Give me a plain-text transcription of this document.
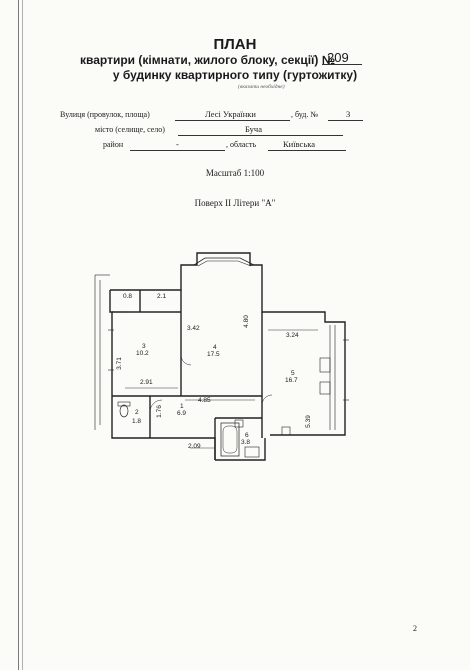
ПЛАН
квартири (кімнати, жилого блоку, секції) №
209
у будинку квартирного типу (гуртожитку)
(вказати необхідне)
Вулиця (провулок, площа)	Лесі Українки	, буд. №	3
місто (селище, село)	Буча
район	-	, область	Київська
Масштаб 1:100
Поверх II Літери "А"
0.8	2.1
3.42
4.80
3.24
3.71
2.91
4.85
1.76
1.8
2.09
5.39
3
10.2
4
17.5
5
16.7
1
6.9
6
3.8
2
2
